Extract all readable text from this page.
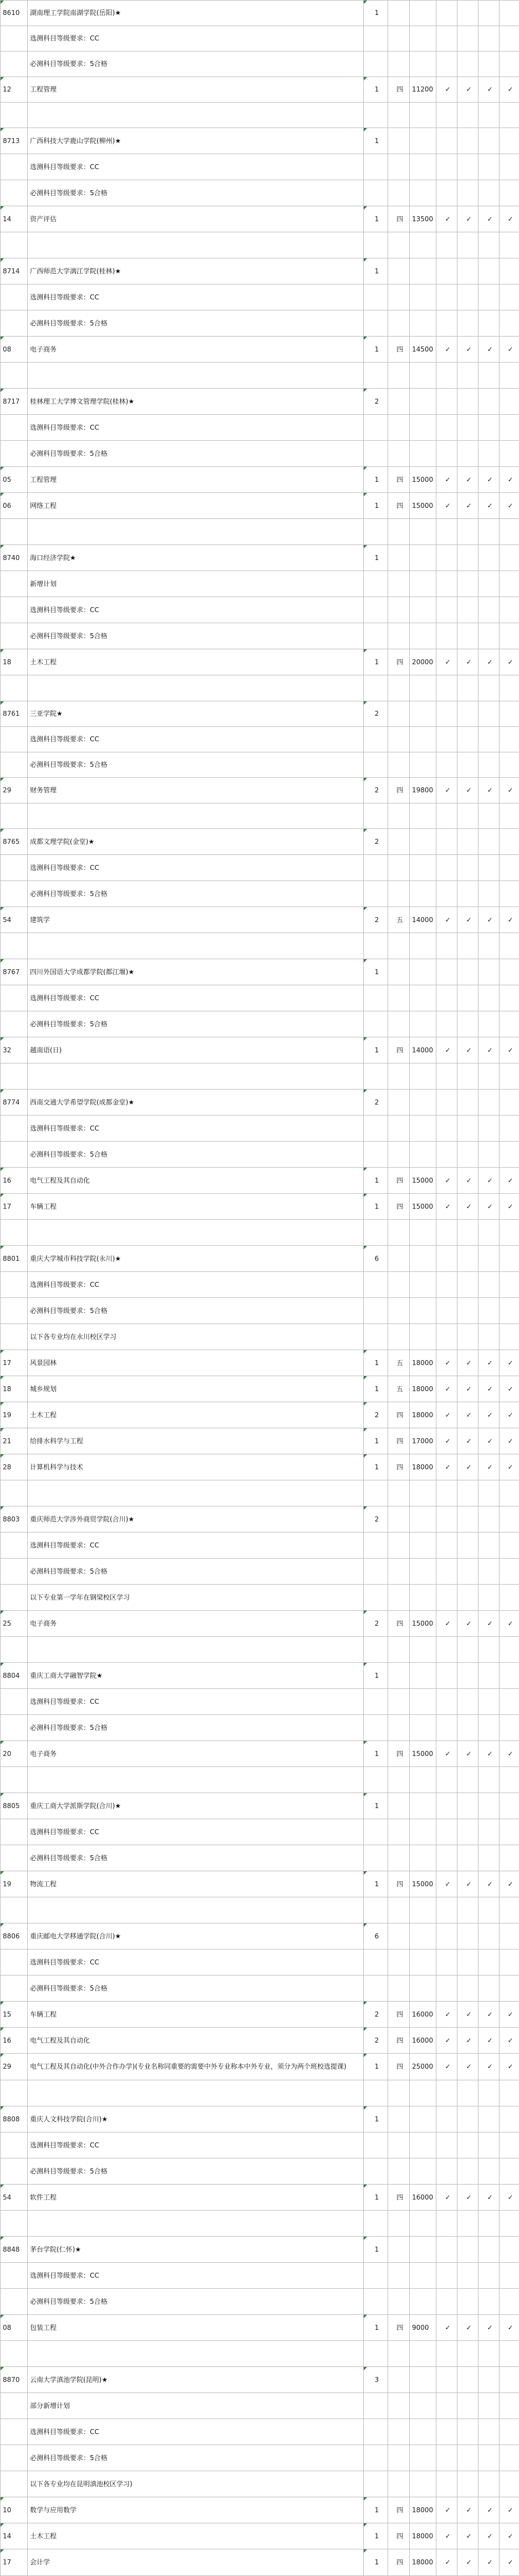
8610	湖南理工学院南湖学院(岳阳)★	1						
	选测科目等级要求：CC							
	必测科目等级要求：5合格							
12	工程管理	1	四	11200	✓	✓	✓	✓

8713	广西科技大学鹿山学院(柳州)★	1						
	选测科目等级要求：CC							
	必测科目等级要求：5合格							
14	资产评估	1	四	13500	✓	✓	✓	✓

8714	广西师范大学漓江学院(桂林)★	1						
	选测科目等级要求：CC							
	必测科目等级要求：5合格							
08	电子商务	1	四	14500	✓	✓	✓	✓

8717	桂林理工大学博文管理学院(桂林)★	2						
	选测科目等级要求：CC							
	必测科目等级要求：5合格							
05	工程管理	1	四	15000	✓	✓	✓	✓
06	网络工程	1	四	15000	✓	✓	✓	✓

8740	海口经济学院★	1						
	新增计划							
	选测科目等级要求：CC							
	必测科目等级要求：5合格							
18	土木工程	1	四	20000	✓	✓	✓	✓

8761	三亚学院★	2						
	选测科目等级要求：CC							
	必测科目等级要求：5合格							
29	财务管理	2	四	19800	✓	✓	✓	✓

8765	成都文理学院(金堂)★	2						
	选测科目等级要求：CC							
	必测科目等级要求：5合格							
54	建筑学	2	五	14000	✓	✓	✓	✓

8767	四川外国语大学成都学院(都江堰)★	1						
	选测科目等级要求：CC							
	必测科目等级要求：5合格							
32	越南语(日)	1	四	14000	✓	✓	✓	✓

8774	西南交通大学希望学院(成都金堂)★	2						
	选测科目等级要求：CC							
	必测科目等级要求：5合格							
16	电气工程及其自动化	1	四	15000	✓	✓	✓	✓
17	车辆工程	1	四	15000	✓	✓	✓	✓

8801	重庆大学城市科技学院(永川)★	6						
	选测科目等级要求：CC							
	必测科目等级要求：5合格							
	以下各专业均在永川校区学习							
17	风景园林	1	五	18000	✓	✓	✓	✓
18	城乡规划	1	五	18000	✓	✓	✓	✓
19	土木工程	2	四	18000	✓	✓	✓	✓
21	给排水科学与工程	1	四	17000	✓	✓	✓	✓
28	计算机科学与技术	1	四	18000	✓	✓	✓	✓

8803	重庆师范大学涉外商贸学院(合川)★	2						
	选测科目等级要求：CC							
	必测科目等级要求：5合格							
	以下专业第一学年在钢梁校区学习							
25	电子商务	2	四	15000	✓	✓	✓	✓

8804	重庆工商大学融智学院★	1						
	选测科目等级要求：CC							
	必测科目等级要求：5合格							
20	电子商务	1	四	15000	✓	✓	✓	✓

8805	重庆工商大学派斯学院(合川)★	1						
	选测科目等级要求：CC							
	必测科目等级要求：5合格							
19	物流工程	1	四	15000	✓	✓	✓	✓

8806	重庆邮电大学移通学院(合川)★	6						
	选测科目等级要求：CC							
	必测科目等级要求：5合格							
15	车辆工程	2	四	16000	✓	✓	✓	✓
16	电气工程及其自动化	2	四	16000	✓	✓	✓	✓
29	电气工程及其自动化(中外合作办学)(专业名称同重要的需要中外专业称本中外专业，须分为两个班校选提课)	1	四	25000	✓	✓	✓	✓

8808	重庆人文科技学院(合川)★	1						
	选测科目等级要求：CC							
	必测科目等级要求：5合格							
54	软件工程	1	四	16000	✓	✓	✓	✓

8848	茅台学院(仁怀)★	1						
	选测科目等级要求：CC							
	必测科目等级要求：5合格							
08	包装工程	1	四	9000	✓	✓	✓	✓

8870	云南大学滇池学院(昆明)★	3						
	部分新增计划							
	选测科目等级要求：CC							
	必测科目等级要求：5合格							
	以下各专业均在昆明滇池校区学习)							
10	数学与应用数学	1	四	18000	✓	✓	✓	✓
14	土木工程	1	四	18000	✓	✓	✓	✓
17	会计学	1	四	18000	✓	✓	✓	✓
